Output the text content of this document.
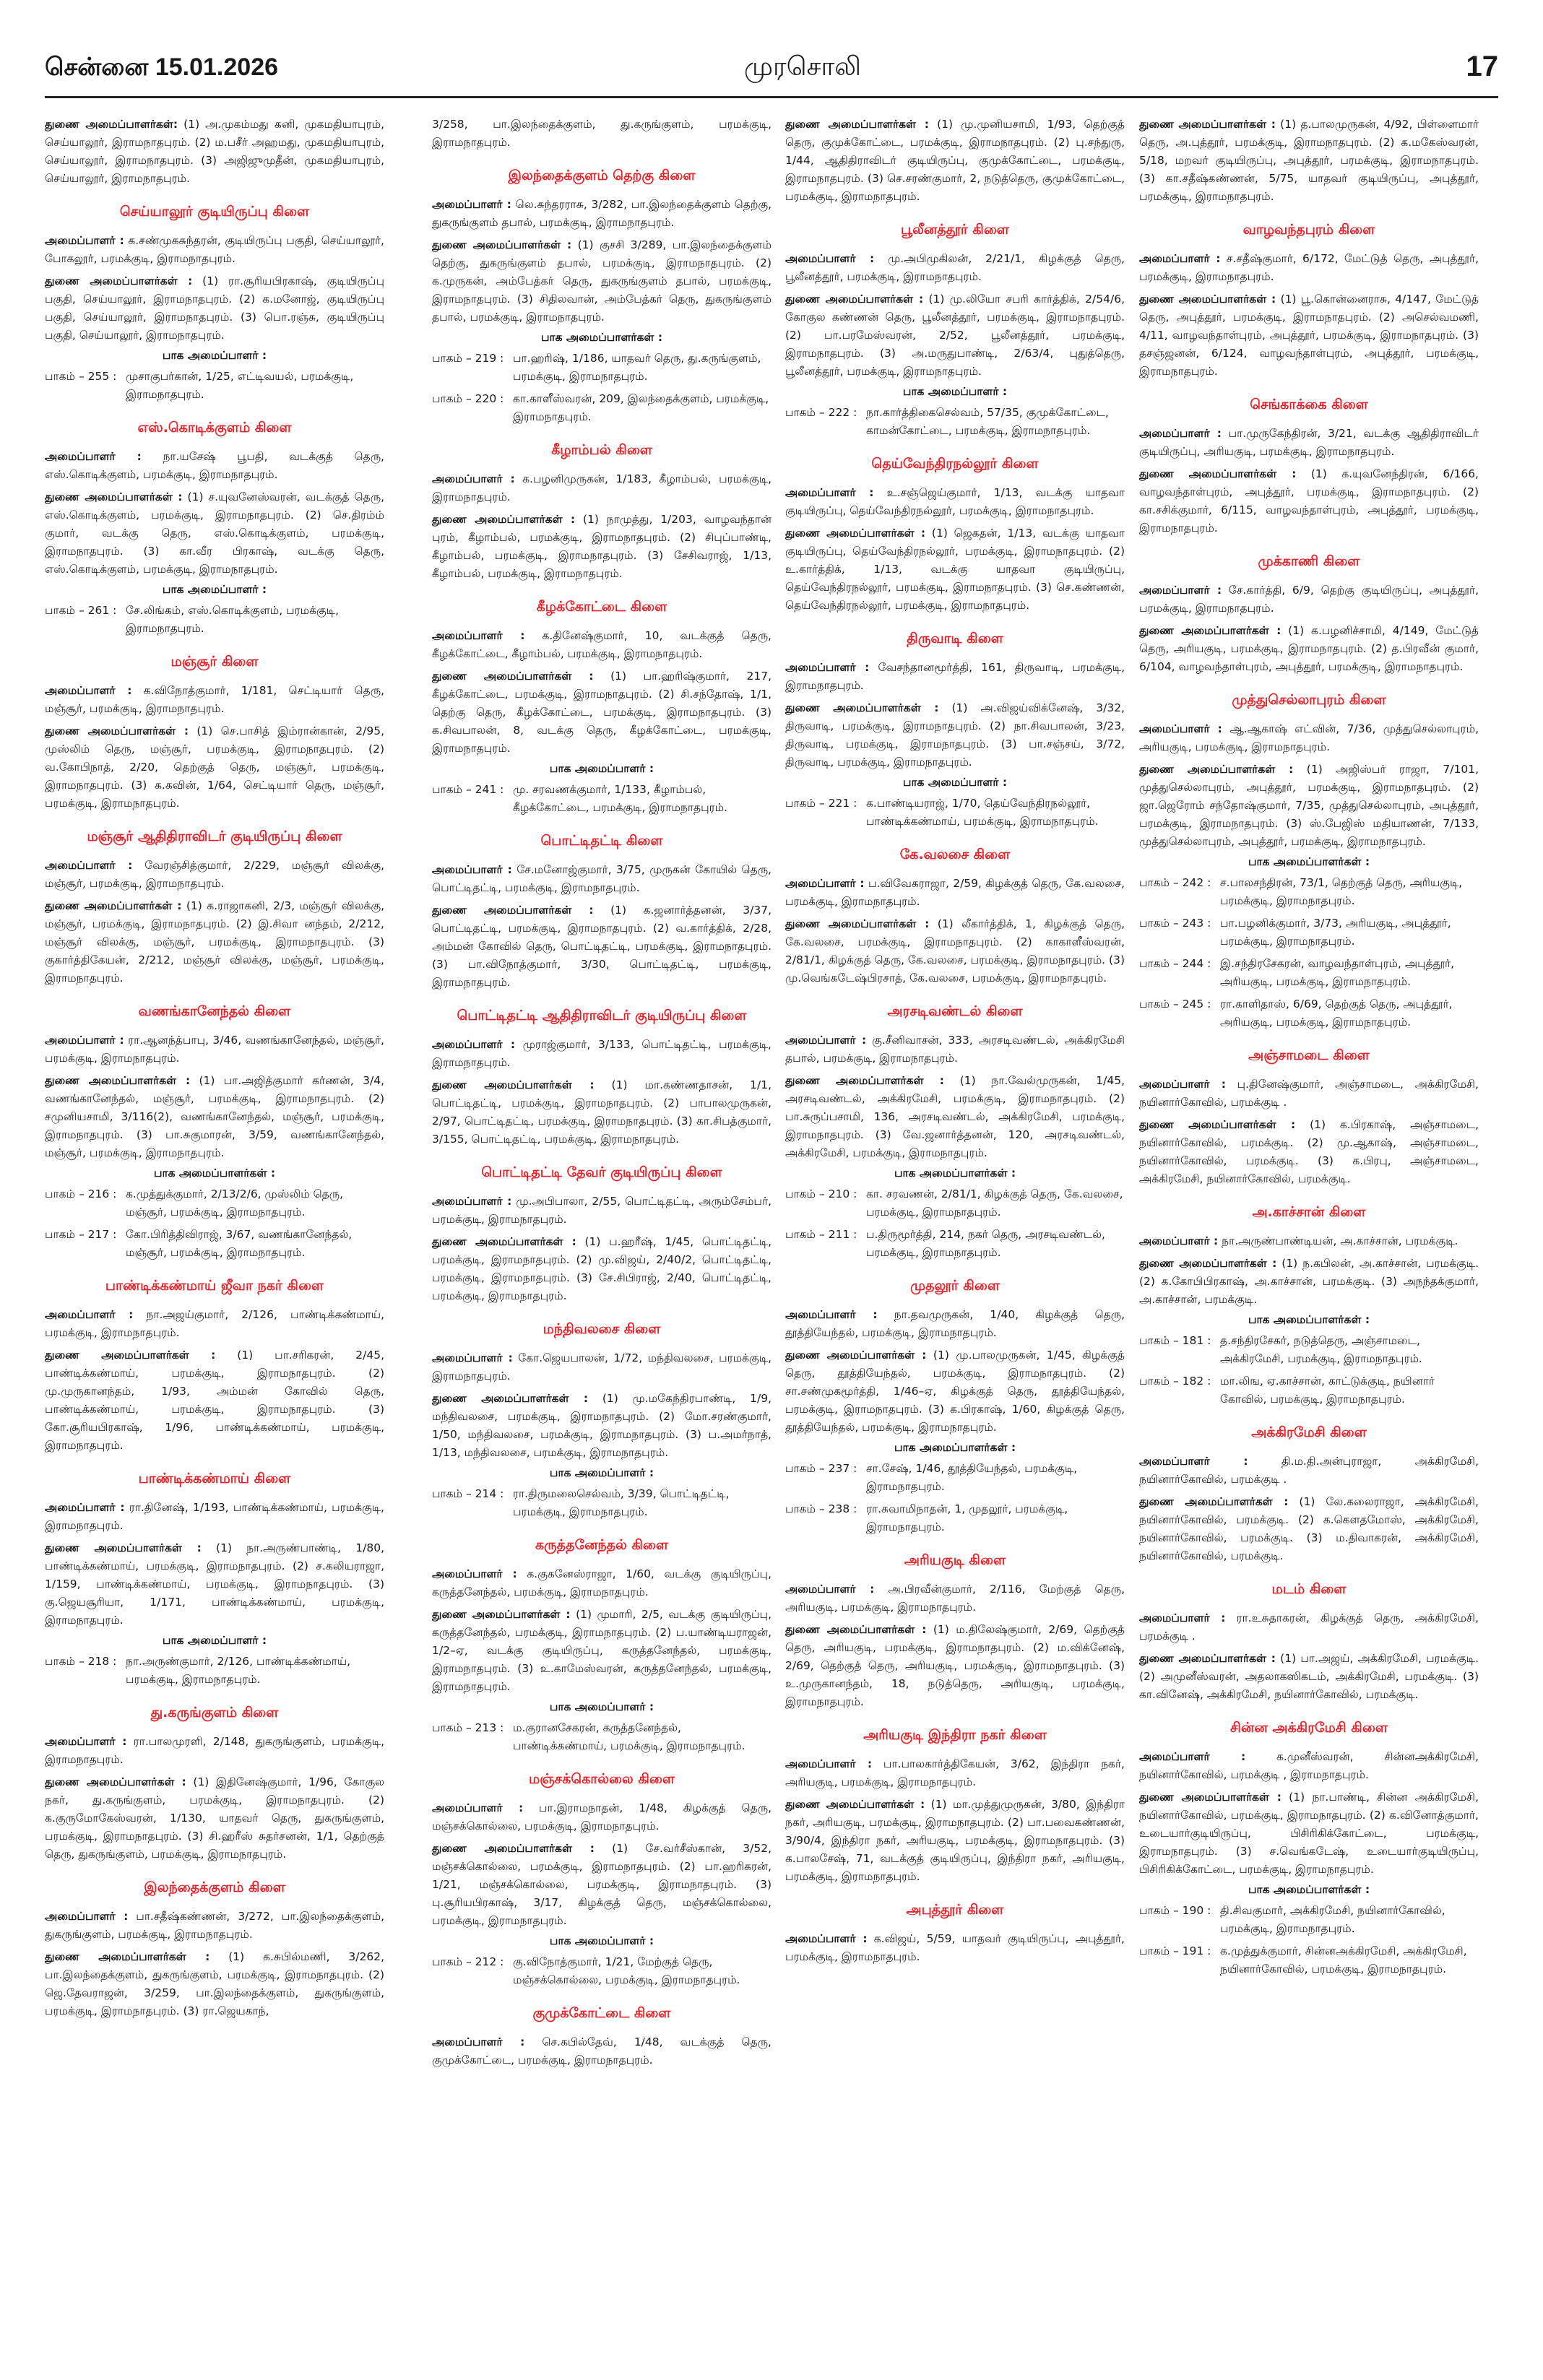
சென்னை 15.01.2026	முரசொலி	17
துணை அமைப்பாளர்கள்: (1) அ.முகம்மது கனி, முகமதியாபுரம், செய்யாலூர், இராமநாதபுரம். (2) ம.பசீர் அஹமது, முகமதியாபுரம், செய்யாலூர், இராமநாதபுரம். (3) அஜிஜுமுதீன், முகமதியாபுரம், செய்யாலூர், இராமநாதபுரம்.
செய்யாலூர் குடியிருப்பு கிளை
அமைப்பாளர் : க.சண்முகசுந்தரன், குடியிருப்பு பகுதி, செய்யாலூர், போகலூர், பரமக்குடி, இராமநாதபுரம்.
துணை அமைப்பாளர்கள் : (1) ரா.சூரியபிரகாஷ், குடியிருப்பு பகுதி, செய்யாலூர், இராமநாதபுரம். (2) க.மனோஜ், குடியிருப்பு பகுதி, செய்யாலூர், இராமநாதபுரம். (3) பொ.ரஞ்சு, குடியிருப்பு பகுதி, செய்யாலூர், இராமநாதபுரம்.
பாக அமைப்பாளர் :
பாகம் – 255 : முசாகுபர்கான், 1/25, எட்டிவயல், பரமக்குடி, இராமநாதபுரம்.
எஸ்.கொடிக்குளம் கிளை
அமைப்பாளர் : நா.யசேஷ் பூபதி, வடக்குத் தெரு, எஸ்.கொடிக்குளம், பரமக்குடி, இராமநாதபுரம்.
துணை அமைப்பாளர்கள் : (1) ச.யுவனேஸ்வரன், வடக்குத் தெரு, எஸ்.கொடிக்குளம், பரமக்குடி, இராமநாதபுரம். (2) செ.திரம்ம் குமார், வடக்கு தெரு, எஸ்.கொடிக்குளம், பரமக்குடி, இராமநாதபுரம். (3) கா.வீர பிரகாஷ், வடக்கு தெரு, எஸ்.கொடிக்குளம், பரமக்குடி, இராமநாதபுரம்.
பாக அமைப்பாளர் :
பாகம் – 261 : சே.லிங்கம், எஸ்.கொடிக்குளம், பரமக்குடி, இராமநாதபுரம்.
மஞ்சூர் கிளை
அமைப்பாளர் : க.விநோத்குமார், 1/181, செட்டியார் தெரு, மஞ்சூர், பரமக்குடி, இராமநாதபுரம்.
துணை அமைப்பாளர்கள் : (1) செ.பாசித் இம்ரான்கான், 2/95, முஸ்லிம் தெரு, மஞ்சூர், பரமக்குடி, இராமநாதபுரம். (2) வ.கோபிநாத், 2/20, தெற்குத் தெரு, மஞ்சூர், பரமக்குடி, இராமநாதபுரம். (3) க.கவின், 1/64, செட்டியார் தெரு, மஞ்சூர், பரமக்குடி, இராமநாதபுரம்.
மஞ்சூர் ஆதிதிராவிடர் குடியிருப்பு கிளை
அமைப்பாளர் : வேரஞ்சித்குமார், 2/229, மஞ்சூர் விலக்கு, மஞ்சூர், பரமக்குடி, இராமநாதபுரம்.
துணை அமைப்பாளர்கள் : (1) க.ராஜாகனி, 2/3, மஞ்சூர் விலக்கு, மஞ்சூர், பரமக்குடி, இராமநாதபுரம். (2) இ.சிவா னந்தம், 2/212, மஞ்சூர் விலக்கு, மஞ்சூர், பரமக்குடி, இராமநாதபுரம். (3) குகார்த்திகேயன், 2/212, மஞ்சூர் விலக்கு, மஞ்சூர், பரமக்குடி, இராமநாதபுரம்.
வணங்கானேந்தல் கிளை
அமைப்பாளர் : ரா.ஆனந்த்பாபு, 3/46, வணங்கானேந்தல், மஞ்சூர், பரமக்குடி, இராமநாதபுரம்.
துணை அமைப்பாளர்கள் : (1) பா.அஜித்குமார் கர்ணன், 3/4, வணங்கானேந்தல், மஞ்சூர், பரமக்குடி, இராமநாதபுரம். (2) சமுனியசாமி, 3/116(2), வணங்கானேந்தல், மஞ்சூர், பரமக்குடி, இராமநாதபுரம். (3) பா.சுகுமாரன், 3/59, வணங்கானேந்தல், மஞ்சூர், பரமக்குடி, இராமநாதபுரம்.
பாக அமைப்பாளர்கள் :
பாகம் – 216 : க.முத்துக்குமார், 2/13/2/6, முஸ்லிம் தெரு, மஞ்சூர், பரமக்குடி, இராமநாதபுரம்.
பாகம் – 217 : கோ.பிரித்திவிராஜ், 3/67, வணங்கானேந்தல், மஞ்சூர், பரமக்குடி, இராமநாதபுரம்.
பாண்டிக்கண்மாய் ஜீவா நகர் கிளை
அமைப்பாளர் : நா.அஜய்குமார், 2/126, பாண்டிக்கண்மாய், பரமக்குடி, இராமநாதபுரம்.
துணை அமைப்பாளர்கள் : (1) பா.சரிகரன், 2/45, பாண்டிக்கண்மாய், பரமக்குடி, இராமநாதபுரம். (2) மு.முருகானந்தம், 1/93, அம்மன் கோவில் தெரு, பாண்டிக்கண்மாய், பரமக்குடி, இராமநாதபுரம். (3) கோ.சூரியபிரகாஷ், 1/96, பாண்டிக்கண்மாய், பரமக்குடி, இராமநாதபுரம்.
பாண்டிக்கண்மாய் கிளை
அமைப்பாளர் : ரா.தினேஷ், 1/193, பாண்டிக்கண்மாய், பரமக்குடி, இராமநாதபுரம்.
துணை அமைப்பாளர்கள் : (1) நா.அருண்பாண்டி, 1/80, பாண்டிக்கண்மாய், பரமக்குடி, இராமநாதபுரம். (2) ச.கலியராஜா, 1/159, பாண்டிக்கண்மாய், பரமக்குடி, இராமநாதபுரம். (3) கு.ஜெயசூரியா, 1/171, பாண்டிக்கண்மாய், பரமக்குடி, இராமநாதபுரம்.
பாக அமைப்பாளர் :
பாகம் – 218 : நா.அருண்குமார், 2/126, பாண்டிக்கண்மாய், பரமக்குடி, இராமநாதபுரம்.
து.கருங்குளம் கிளை
அமைப்பாளர் : ரா.பாலமுரளி, 2/148, துகருங்குளம், பரமக்குடி, இராமநாதபுரம்.
துணை அமைப்பாளர்கள் : (1) இதினேஷ்குமார், 1/96, கோகுல நகர், து.கருங்குளம், பரமக்குடி, இராமநாதபுரம். (2) க.குருமோகேஸ்வரன், 1/130, யாதவர் தெரு, துகருங்குளம், பரமக்குடி, இராமநாதபுரம். (3) சி.ஹரீஸ் சுதர்சனன், 1/1, தெற்குத் தெரு, துகருங்குளம், பரமக்குடி, இராமநாதபுரம்.
இலந்தைக்குளம் கிளை
அமைப்பாளர் : பா.சதீஷ்கண்ணன், 3/272, பா.இலந்தைக்குளம், துகருங்குளம், பரமக்குடி, இராமநாதபுரம்.
துணை அமைப்பாளர்கள் : (1) க.சுபில்மணி, 3/262, பா.இலந்தைக்குளம், துகருங்குளம், பரமக்குடி, இராமநாதபுரம். (2) ஜெ.தேவராஜன், 3/259, பா.இலந்தைக்குளம், துகருங்குளம், பரமக்குடி, இராமநாதபுரம். (3) ரா.ஜெயகாந்,
3/258, பா.இலந்தைக்குளம், து.கருங்குளம், பரமக்குடி, இராமநாதபுரம்.
இலந்தைக்குளம் தெற்கு கிளை
அமைப்பாளர் : லெ.சுந்தரராசு, 3/282, பா.இலந்தைக்குளம் தெற்கு, துகருங்குளம் தபால், பரமக்குடி, இராமநாதபுரம்.
துணை அமைப்பாளர்கள் : (1) குசசி 3/289, பா.இலந்தைக்குளம் தெற்கு, துகருங்குளம் தபால், பரமக்குடி, இராமநாதபுரம். (2) க.முருகன், அம்பேத்கர் தெரு, துகருங்குளம் தபால், பரமக்குடி, இராமநாதபுரம். (3) சிதிலவான், அம்பேத்கர் தெரு, துகருங்குளம் தபால், பரமக்குடி, இராமநாதபுரம்.
பாக அமைப்பாளர்கள் :
பாகம் – 219 : பா.ஹரிஷ், 1/186, யாதவர் தெரு, து.கருங்குளம், பரமக்குடி, இராமநாதபுரம்.
பாகம் – 220 : கா.காளீஸ்வரன், 209, இலந்தைக்குளம், பரமக்குடி, இராமநாதபுரம்.
கீழாம்பல் கிளை
அமைப்பாளர் : க.பழனிமுருகன், 1/183, கீழாம்பல், பரமக்குடி, இராமநாதபுரம்.
துணை அமைப்பாளர்கள் : (1) நாமுத்து, 1/203, வாழவந்தான் புரம், கீழாம்பல், பரமக்குடி, இராமநாதபுரம். (2) சிபுப்பாண்டி, கீழாம்பல், பரமக்குடி, இராமநாதபுரம். (3) சேசிவராஜ், 1/13, கீழாம்பல், பரமக்குடி, இராமநாதபுரம்.
கீழக்கோட்டை கிளை
அமைப்பாளர் : க.தினேஷ்குமார், 10, வடக்குத் தெரு, கீழக்கோட்டை, கீழாம்பல், பரமக்குடி, இராமநாதபுரம்.
துணை அமைப்பாளர்கள் : (1) பா.ஹரிஷ்குமார், 217, கீழக்கோட்டை, பரமக்குடி, இராமநாதபுரம். (2) சி.சந்தோஷ், 1/1, தெற்கு தெரு, கீழக்கோட்டை, பரமக்குடி, இராமநாதபுரம். (3) க.சிவபாலன், 8, வடக்கு தெரு, கீழக்கோட்டை, பரமக்குடி, இராமநாதபுரம்.
பாக அமைப்பாளர் :
பாகம் – 241 : மு. சரவணக்குமார், 1/133, கீழாம்பல், கீழக்கோட்டை, பரமக்குடி, இராமநாதபுரம்.
பொட்டிதட்டி கிளை
அமைப்பாளர் : சே.மனோஜ்குமார், 3/75, முருகன் கோயில் தெரு, பொட்டிதட்டி, பரமக்குடி, இராமநாதபுரம்.
துணை அமைப்பாளர்கள் : (1) க.ஜனார்த்தனன், 3/37, பொட்டிதட்டி, பரமக்குடி, இராமநாதபுரம். (2) வ.கார்த்திக், 2/28, அம்மன் கோவில் தெரு, பொட்டிதட்டி, பரமக்குடி, இராமநாதபுரம். (3) பா.விநோத்குமார், 3/30, பொட்டிதட்டி, பரமக்குடி, இராமநாதபுரம்.
பொட்டிதட்டி ஆதிதிராவிடர் குடியிருப்பு கிளை
அமைப்பாளர் : முராஜ்குமார், 3/133, பொட்டிதட்டி, பரமக்குடி, இராமநாதபுரம்.
துணை அமைப்பாளர்கள் : (1) மா.கண்ணதாசன், 1/1, பொட்டிதட்டி, பரமக்குடி, இராமநாதபுரம். (2) பாபாலமுருகன், 2/97, பொட்டிதட்டி, பரமக்குடி, இராமநாதபுரம். (3) கா.சிபத்குமார், 3/155, பொட்டிதட்டி, பரமக்குடி, இராமநாதபுரம்.
பொட்டிதட்டி தேவர் குடியிருப்பு கிளை
அமைப்பாளர் : மு.அபிபாலா, 2/55, பொட்டிதட்டி, அரும்சேம்பர், பரமக்குடி, இராமநாதபுரம்.
துணை அமைப்பாளர்கள் : (1) ப.ஹரீஷ், 1/45, பொட்டிதட்டி, பரமக்குடி, இராமநாதபுரம். (2) மு.விஜய், 2/40/2, பொட்டிதட்டி, பரமக்குடி, இராமநாதபுரம். (3) சே.சிபிராஜ், 2/40, பொட்டிதட்டி, பரமக்குடி, இராமநாதபுரம்.
மந்திவலசை கிளை
அமைப்பாளர் : கோ.ஜெயபாலன், 1/72, மந்திவலசை, பரமக்குடி, இராமநாதபுரம்.
துணை அமைப்பாளர்கள் : (1) மு.மகேந்திரபாண்டி, 1/9, மந்திவலசை, பரமக்குடி, இராமநாதபுரம். (2) மோ.சரண்குமார், 1/50, மந்திவலசை, பரமக்குடி, இராமநாதபுரம். (3) ப.அமர்நாத், 1/13, மந்திவலசை, பரமக்குடி, இராமநாதபுரம்.
பாக அமைப்பாளர் :
பாகம் – 214 : ரா.திருமலைசெல்வம், 3/39, பொட்டிதட்டி, பரமக்குடி, இராமநாதபுரம்.
கருத்தனேந்தல் கிளை
அமைப்பாளர் : க.குகனேஸ்ராஜா, 1/60, வடக்கு குடியிருப்பு, கருத்தனேந்தல், பரமக்குடி, இராமநாதபுரம்.
துணை அமைப்பாளர்கள் : (1) முமாரி, 2/5, வடக்கு குடியிருப்பு, கருத்தனேந்தல், பரமக்குடி, இராமநாதபுரம். (2) ப.யாண்டியராஜன், 1/2–ஏ, வடக்கு குடியிருப்பு, கருத்தனேந்தல், பரமக்குடி, இராமநாதபுரம். (3) உ.காமேஸ்வரன், கருத்தனேந்தல், பரமக்குடி, இராமநாதபுரம்.
பாக அமைப்பாளர் :
பாகம் – 213 : ம.குரானசேகரன், கருத்தனேந்தல், பாண்டிக்கண்மாய், பரமக்குடி, இராமநாதபுரம்.
மஞ்சக்கொல்லை கிளை
அமைப்பாளர் : பா.இராமநாதன், 1/48, கிழக்குத் தெரு, மஞ்சக்கொல்லை, பரமக்குடி, இராமநாதபுரம்.
துணை அமைப்பாளர்கள் : (1) சே.வர்சீஸ்கான், 3/52, மஞ்சக்கொல்லை, பரமக்குடி, இராமநாதபுரம். (2) பா.ஹரிகரன், 1/21, மஞ்சக்கொல்லை, பரமக்குடி, இராமநாதபுரம். (3) பு.சூரியபிரகாஷ், 3/17, கிழக்குத் தெரு, மஞ்சக்கொல்லை, பரமக்குடி, இராமநாதபுரம்.
பாக அமைப்பாளர் :
பாகம் – 212 : கு.விநோத்குமார், 1/21, மேற்குத் தெரு, மஞ்சக்கொல்லை, பரமக்குடி, இராமநாதபுரம்.
குமுக்கோட்டை கிளை
அமைப்பாளர் : செ.கபில்தேவ், 1/48, வடக்குத் தெரு, குமுக்கோட்டை, பரமக்குடி, இராமநாதபுரம்.
துணை அமைப்பாளர்கள் : (1) மு.முனியசாமி, 1/93, தெற்குத் தெரு, குமுக்கோட்டை, பரமக்குடி, இராமநாதபுரம். (2) பு.சந்துரு, 1/44, ஆதிதிராவிடர் குடியிருப்பு, குமுக்கோட்டை, பரமக்குடி, இராமநாதபுரம். (3) செ.சரண்குமார், 2, நடுத்தெரு, குமுக்கோட்டை, பரமக்குடி, இராமநாதபுரம்.
பூலீனத்தூர் கிளை
அமைப்பாளர் : மு.அபிமுகிலன், 2/21/1, கிழக்குத் தெரு, பூலீனத்தூர், பரமக்குடி, இராமநாதபுரம்.
துணை அமைப்பாளர்கள் : (1) மு.லியோ சபரி கார்த்திக், 2/54/6, கோகுல கண்ணன் தெரு, பூலீனத்தூர், பரமக்குடி, இராமநாதபுரம். (2) பா.பரமேஸ்வரன், 2/52, பூலீனத்தூர், பரமக்குடி, இராமநாதபுரம். (3) அ.மருதுபாண்டி, 2/63/4, புதுத்தெரு, பூலீனத்தூர், பரமக்குடி, இராமநாதபுரம்.
பாக அமைப்பாளர் :
பாகம் – 222 : நா.கார்த்திகைசெல்வம், 57/35, குமுக்கோட்டை, காமன்கோட்டை, பரமக்குடி, இராமநாதபுரம்.
தெய்வேந்திரநல்லூர் கிளை
அமைப்பாளர் : உ.சஞ்ஜெய்குமார், 1/13, வடக்கு யாதவா குடியிருப்பு, தெய்வேந்திரநல்லூர், பரமக்குடி, இராமநாதபுரம்.
துணை அமைப்பாளர்கள் : (1) ஜெகதன், 1/13, வடக்கு யாதவா குடியிருப்பு, தெய்வேந்திரநல்லூர், பரமக்குடி, இராமநாதபுரம். (2) உ.கார்த்திக், 1/13, வடக்கு யாதவா குடியிருப்பு, தெய்வேந்திரநல்லூர், பரமக்குடி, இராமநாதபுரம். (3) செ.கண்ணன், தெய்வேந்திரநல்லூர், பரமக்குடி, இராமநாதபுரம்.
திருவாடி கிளை
அமைப்பாளர் : வேசந்தானமூர்த்தி, 161, திருவாடி, பரமக்குடி, இராமநாதபுரம்.
துணை அமைப்பாளர்கள் : (1) அ.விஜய்விக்னேஷ், 3/32, திருவாடி, பரமக்குடி, இராமநாதபுரம். (2) நா.சிவபாலன், 3/23, திருவாடி, பரமக்குடி, இராமநாதபுரம். (3) பா.சஞ்சய், 3/72, திருவாடி, பரமக்குடி, இராமநாதபுரம்.
பாக அமைப்பாளர் :
பாகம் – 221 : க.பாண்டியராஜ், 1/70, தெய்வேந்திரநல்லூர், பாண்டிக்கண்மாய், பரமக்குடி, இராமநாதபுரம்.
கே.வலசை கிளை
அமைப்பாளர் : ப.விவேகராஜா, 2/59, கிழக்குத் தெரு, கே.வலசை, பரமக்குடி, இராமநாதபுரம்.
துணை அமைப்பாளர்கள் : (1) லீகார்த்திக், 1, கிழக்குத் தெரு, கே.வலசை, பரமக்குடி, இராமநாதபுரம். (2) காகாளீஸ்வரன், 2/81/1, கிழக்குத் தெரு, கே.வலசை, பரமக்குடி, இராமநாதபுரம். (3) மு.வெங்கடேஷ்பிரசாத், கே.வலசை, பரமக்குடி, இராமநாதபுரம்.
அரசடிவண்டல் கிளை
அமைப்பாளர் : கு.சீனிவாசன், 333, அரசடிவண்டல், அக்கிரமேசி தபால், பரமக்குடி, இராமநாதபுரம்.
துணை அமைப்பாளர்கள் : (1) நா.வேல்முருகன், 1/45, அரசடிவண்டல், அக்கிரமேசி, பரமக்குடி, இராமநாதபுரம். (2) பா.சுருப்பசாமி, 136, அரசடிவண்டல், அக்கிரமேசி, பரமக்குடி, இராமநாதபுரம். (3) வே.ஜனார்த்தனன், 120, அரசடிவண்டல், அக்கிரமேசி, பரமக்குடி, இராமநாதபுரம்.
பாக அமைப்பாளர்கள் :
பாகம் – 210 : கா. சரவணன், 2/81/1, கிழக்குத் தெரு, கே.வலசை, பரமக்குடி, இராமநாதபுரம்.
பாகம் – 211 : ப.திருமூர்த்தி, 214, நகர் தெரு, அரசடிவண்டல், பரமக்குடி, இராமநாதபுரம்.
முதலூர் கிளை
அமைப்பாளர் : நா.தவமுருகன், 1/40, கிழக்குத் தெரு, தூத்தியேந்தல், பரமக்குடி, இராமநாதபுரம்.
துணை அமைப்பாளர்கள் : (1) மு.பாலமுருகன், 1/45, கிழக்குத் தெரு, தூத்தியேந்தல், பரமக்குடி, இராமநாதபுரம். (2) சா.சண்முகமூர்த்தி, 1/46–ஏ, கிழக்குத் தெரு, தூத்தியேந்தல், பரமக்குடி, இராமநாதபுரம். (3) க.பிரகாஷ், 1/60, கிழக்குத் தெரு, தூத்தியேந்தல், பரமக்குடி, இராமநாதபுரம்.
பாக அமைப்பாளர்கள் :
பாகம் – 237 : சா.சேஷ், 1/46, தூத்தியேந்தல், பரமக்குடி, இராமநாதபுரம்.
பாகம் – 238 : ரா.சுவாமிநாதன், 1, முதலூர், பரமக்குடி, இராமநாதபுரம்.
அரியகுடி கிளை
அமைப்பாளர் : அ.பிரவீன்குமார், 2/116, மேற்குத் தெரு, அரியகுடி, பரமக்குடி, இராமநாதபுரம்.
துணை அமைப்பாளர்கள் : (1) ம.திலேஷ்குமார், 2/69, தெற்குத் தெரு, அரியகுடி, பரமக்குடி, இராமநாதபுரம். (2) ம.விக்னேஷ், 2/69, தெற்குத் தெரு, அரியகுடி, பரமக்குடி, இராமநாதபுரம். (3) உ.முருகானந்தம், 18, நடுத்தெரு, அரியகுடி, பரமக்குடி, இராமநாதபுரம்.
அரியகுடி இந்திரா நகர் கிளை
அமைப்பாளர் : பா.பாலகார்த்திகேயன், 3/62, இந்திரா நகர், அரியகுடி, பரமக்குடி, இராமநாதபுரம்.
துணை அமைப்பாளர்கள் : (1) மா.முத்துமுருகன், 3/80, இந்திரா நகர், அரியகுடி, பரமக்குடி, இராமநாதபுரம். (2) பா.பவைகண்ணன், 3/90/4, இந்திரா நகர், அரியகுடி, பரமக்குடி, இராமநாதபுரம். (3) க.பாலசேஷ், 71, வடக்குத் குடியிருப்பு, இந்திரா நகர், அரியகுடி, பரமக்குடி, இராமநாதபுரம்.
அபுத்தூர் கிளை
அமைப்பாளர் : க.விஜய், 5/59, யாதவர் குடியிருப்பு, அபுத்தூர், பரமக்குடி, இராமநாதபுரம்.
துணை அமைப்பாளர்கள் : (1) த.பாலமுருகன், 4/92, பிள்ளைமார் தெரு, அ.புத்தூர், பரமக்குடி, இராமநாதபுரம். (2) க.மகேஸ்வரன், 5/18, மறவர் குடியிருப்பு, அபுத்தூர், பரமக்குடி, இராமநாதபுரம். (3) கா.சதீஷ்கண்ணன், 5/75, யாதவர் குடியிருப்பு, அபுத்தூர், பரமக்குடி, இராமநாதபுரம்.
வாழவந்தபுரம் கிளை
அமைப்பாளர் : ச.சதீஷ்குமார், 6/172, மேட்டுத் தெரு, அபுத்தூர், பரமக்குடி, இராமநாதபுரம்.
துணை அமைப்பாளர்கள் : (1) பூ.கொன்னைராசு, 4/147, மேட்டுத் தெரு, அபுத்தூர், பரமக்குடி, இராமநாதபுரம். (2) அசெல்வமணி, 4/11, வாழவந்தாள்புரம், அபுத்தூர், பரமக்குடி, இராமநாதபுரம். (3) தசஞ்ஜனன், 6/124, வாழவந்தாள்புரம், அபுத்தூர், பரமக்குடி, இராமநாதபுரம்.
செங்காக்கை கிளை
அமைப்பாளர் : பா.முருகேந்திரன், 3/21, வடக்கு ஆதிதிராவிடர் குடியிருப்பு, அரியகுடி, பரமக்குடி, இராமநாதபுரம்.
துணை அமைப்பாளர்கள் : (1) க.யுவனேந்திரன், 6/166, வாழவந்தாள்புரம், அபுத்தூர், பரமக்குடி, இராமநாதபுரம். (2) கா.சசிக்குமார், 6/115, வாழவந்தாள்புரம், அபுத்தூர், பரமக்குடி, இராமநாதபுரம்.
முக்காணி கிளை
அமைப்பாளர் : சே.கார்த்தி, 6/9, தெற்கு குடியிருப்பு, அபுத்தூர், பரமக்குடி, இராமநாதபுரம்.
துணை அமைப்பாளர்கள் : (1) க.பழனிச்சாமி, 4/149, மேட்டுத் தெரு, அரியகுடி, பரமக்குடி, இராமநாதபுரம். (2) த.பிரவீன் குமார், 6/104, வாழவந்தாள்புரம், அபுத்தூர், பரமக்குடி, இராமநாதபுரம்.
முத்துசெல்லாபுரம் கிளை
அமைப்பாளர் : ஆ.ஆகாஷ் எட்வின், 7/36, முத்துசெல்லாபுரம், அரியகுடி, பரமக்குடி, இராமநாதபுரம்.
துணை அமைப்பாளர்கள் : (1) அஜிஸ்பர் ராஜா, 7/101, முத்துசெல்லாபுரம், அபுத்தூர், பரமக்குடி, இராமநாதபுரம். (2) ஜா.ஜெரோம் சந்தோஷ்குமார், 7/35, முத்துசெல்லாபுரம், அபுத்தூர், பரமக்குடி, இராமநாதபுரம். (3) ஸ்.பேஜிஸ் மதியாணன், 7/133, முத்துசெல்லாபுரம், அபுத்தூர், பரமக்குடி, இராமநாதபுரம்.
பாக அமைப்பாளர்கள் :
பாகம் – 242 : ச.பாலசந்திரன், 73/1, தெற்குத் தெரு, அரியகுடி, பரமக்குடி, இராமநாதபுரம்.
பாகம் – 243 : பா.பழனிக்குமார், 3/73, அரியகுடி, அபுத்தூர், பரமக்குடி, இராமநாதபுரம்.
பாகம் – 244 : இ.சந்திரசேகரன், வாழவந்தாள்புரம், அபுத்தூர், அரியகுடி, பரமக்குடி, இராமநாதபுரம்.
பாகம் – 245 : ரா.காளிதாஸ், 6/69, தெற்குத் தெரு, அபுத்தூர், அரியகுடி, பரமக்குடி, இராமநாதபுரம்.
அஞ்சாமடை கிளை
அமைப்பாளர் : பு.தினேஷ்குமார், அஞ்சாமடை, அக்கிரமேசி, நயினார்கோவில், பரமக்குடி .
துணை அமைப்பாளர்கள் : (1) க.பிரகாஷ், அஞ்சாமடை, நயினார்கோவில், பரமக்குடி. (2) மு.ஆகாஷ், அஞ்சாமடை, நயினார்கோவில், பரமக்குடி. (3) க.பிரபு, அஞ்சாமடை, அக்கிரமேசி, நயினார்கோவில், பரமக்குடி.
அ.காச்சான் கிளை
அமைப்பாளர் : நா.அருண்பாண்டியன், அ.காச்சான், பரமக்குடி.
துணை அமைப்பாளர்கள் : (1) ந.கபிலன், அ.காச்சான், பரமக்குடி. (2) க.கோபிபிரகாஷ், அ.காச்சான், பரமக்குடி. (3) அநந்தக்குமார், அ.காச்சான், பரமக்குடி.
பாக அமைப்பாளர்கள் :
பாகம் – 181 : த.சந்திரசேகர், நடுத்தெரு, அஞ்சாமடை, அக்கிரமேசி, பரமக்குடி, இராமநாதபுரம்.
பாகம் – 182 : மா.லிங, ஏ.காச்சான், காட்டுக்குடி, நயினார் கோவில், பரமக்குடி, இராமநாதபுரம்.
அக்கிரமேசி கிளை
அமைப்பாளர் : தி.ம.தி.அன்புராஜா, அக்கிரமேசி, நயினார்கோவில், பரமக்குடி .
துணை அமைப்பாளர்கள் : (1) லே.கலைராஜா, அக்கிரமேசி, நயினார்கோவில், பரமக்குடி. (2) க.கௌதமோஸ், அக்கிரமேசி, நயினார்கோவில், பரமக்குடி. (3) ம.திவாகரன், அக்கிரமேசி, நயினார்கோவில், பரமக்குடி.
மடம் கிளை
அமைப்பாளர் : ரா.உசுதாகரன், கிழக்குத் தெரு, அக்கிரமேசி, பரமக்குடி .
துணை அமைப்பாளர்கள் : (1) பா.அஜய், அக்கிரமேசி, பரமக்குடி. (2) அமுனீஸ்வரன், அதலாகஸிகடம், அக்கிரமேசி, பரமக்குடி. (3) கா.வினேஷ், அக்கிரமேசி, நயினார்கோவில், பரமக்குடி.
சின்ன அக்கிரமேசி கிளை
அமைப்பாளர் : க.முனீஸ்வரன், சின்னஅக்கிரமேசி, நயினார்கோவில், பரமக்குடி , இராமநாதபுரம்.
துணை அமைப்பாளர்கள் : (1) நா.பாண்டி, சின்ன அக்கிரமேசி, நயினார்கோவில், பரமக்குடி, இராமநாதபுரம். (2) க.வினோத்குமார், உடையார்குடியிருப்பு, பிசிரிகிக்கோட்டை, பரமக்குடி, இராமநாதபுரம். (3) ச.வெங்கடேஷ், உடையார்குடியிருப்பு, பிசிரிகிக்கோட்டை, பரமக்குடி, இராமநாதபுரம்.
பாக அமைப்பாளர்கள் :
பாகம் – 190 : தி.சிவகுமார், அக்கிரமேசி, நயினார்கோவில், பரமக்குடி, இராமநாதபுரம்.
பாகம் – 191 : க.முத்துக்குமார், சின்னஅக்கிரமேசி, அக்கிரமேசி, நயினார்கோவில், பரமக்குடி, இராமநாதபுரம்.
